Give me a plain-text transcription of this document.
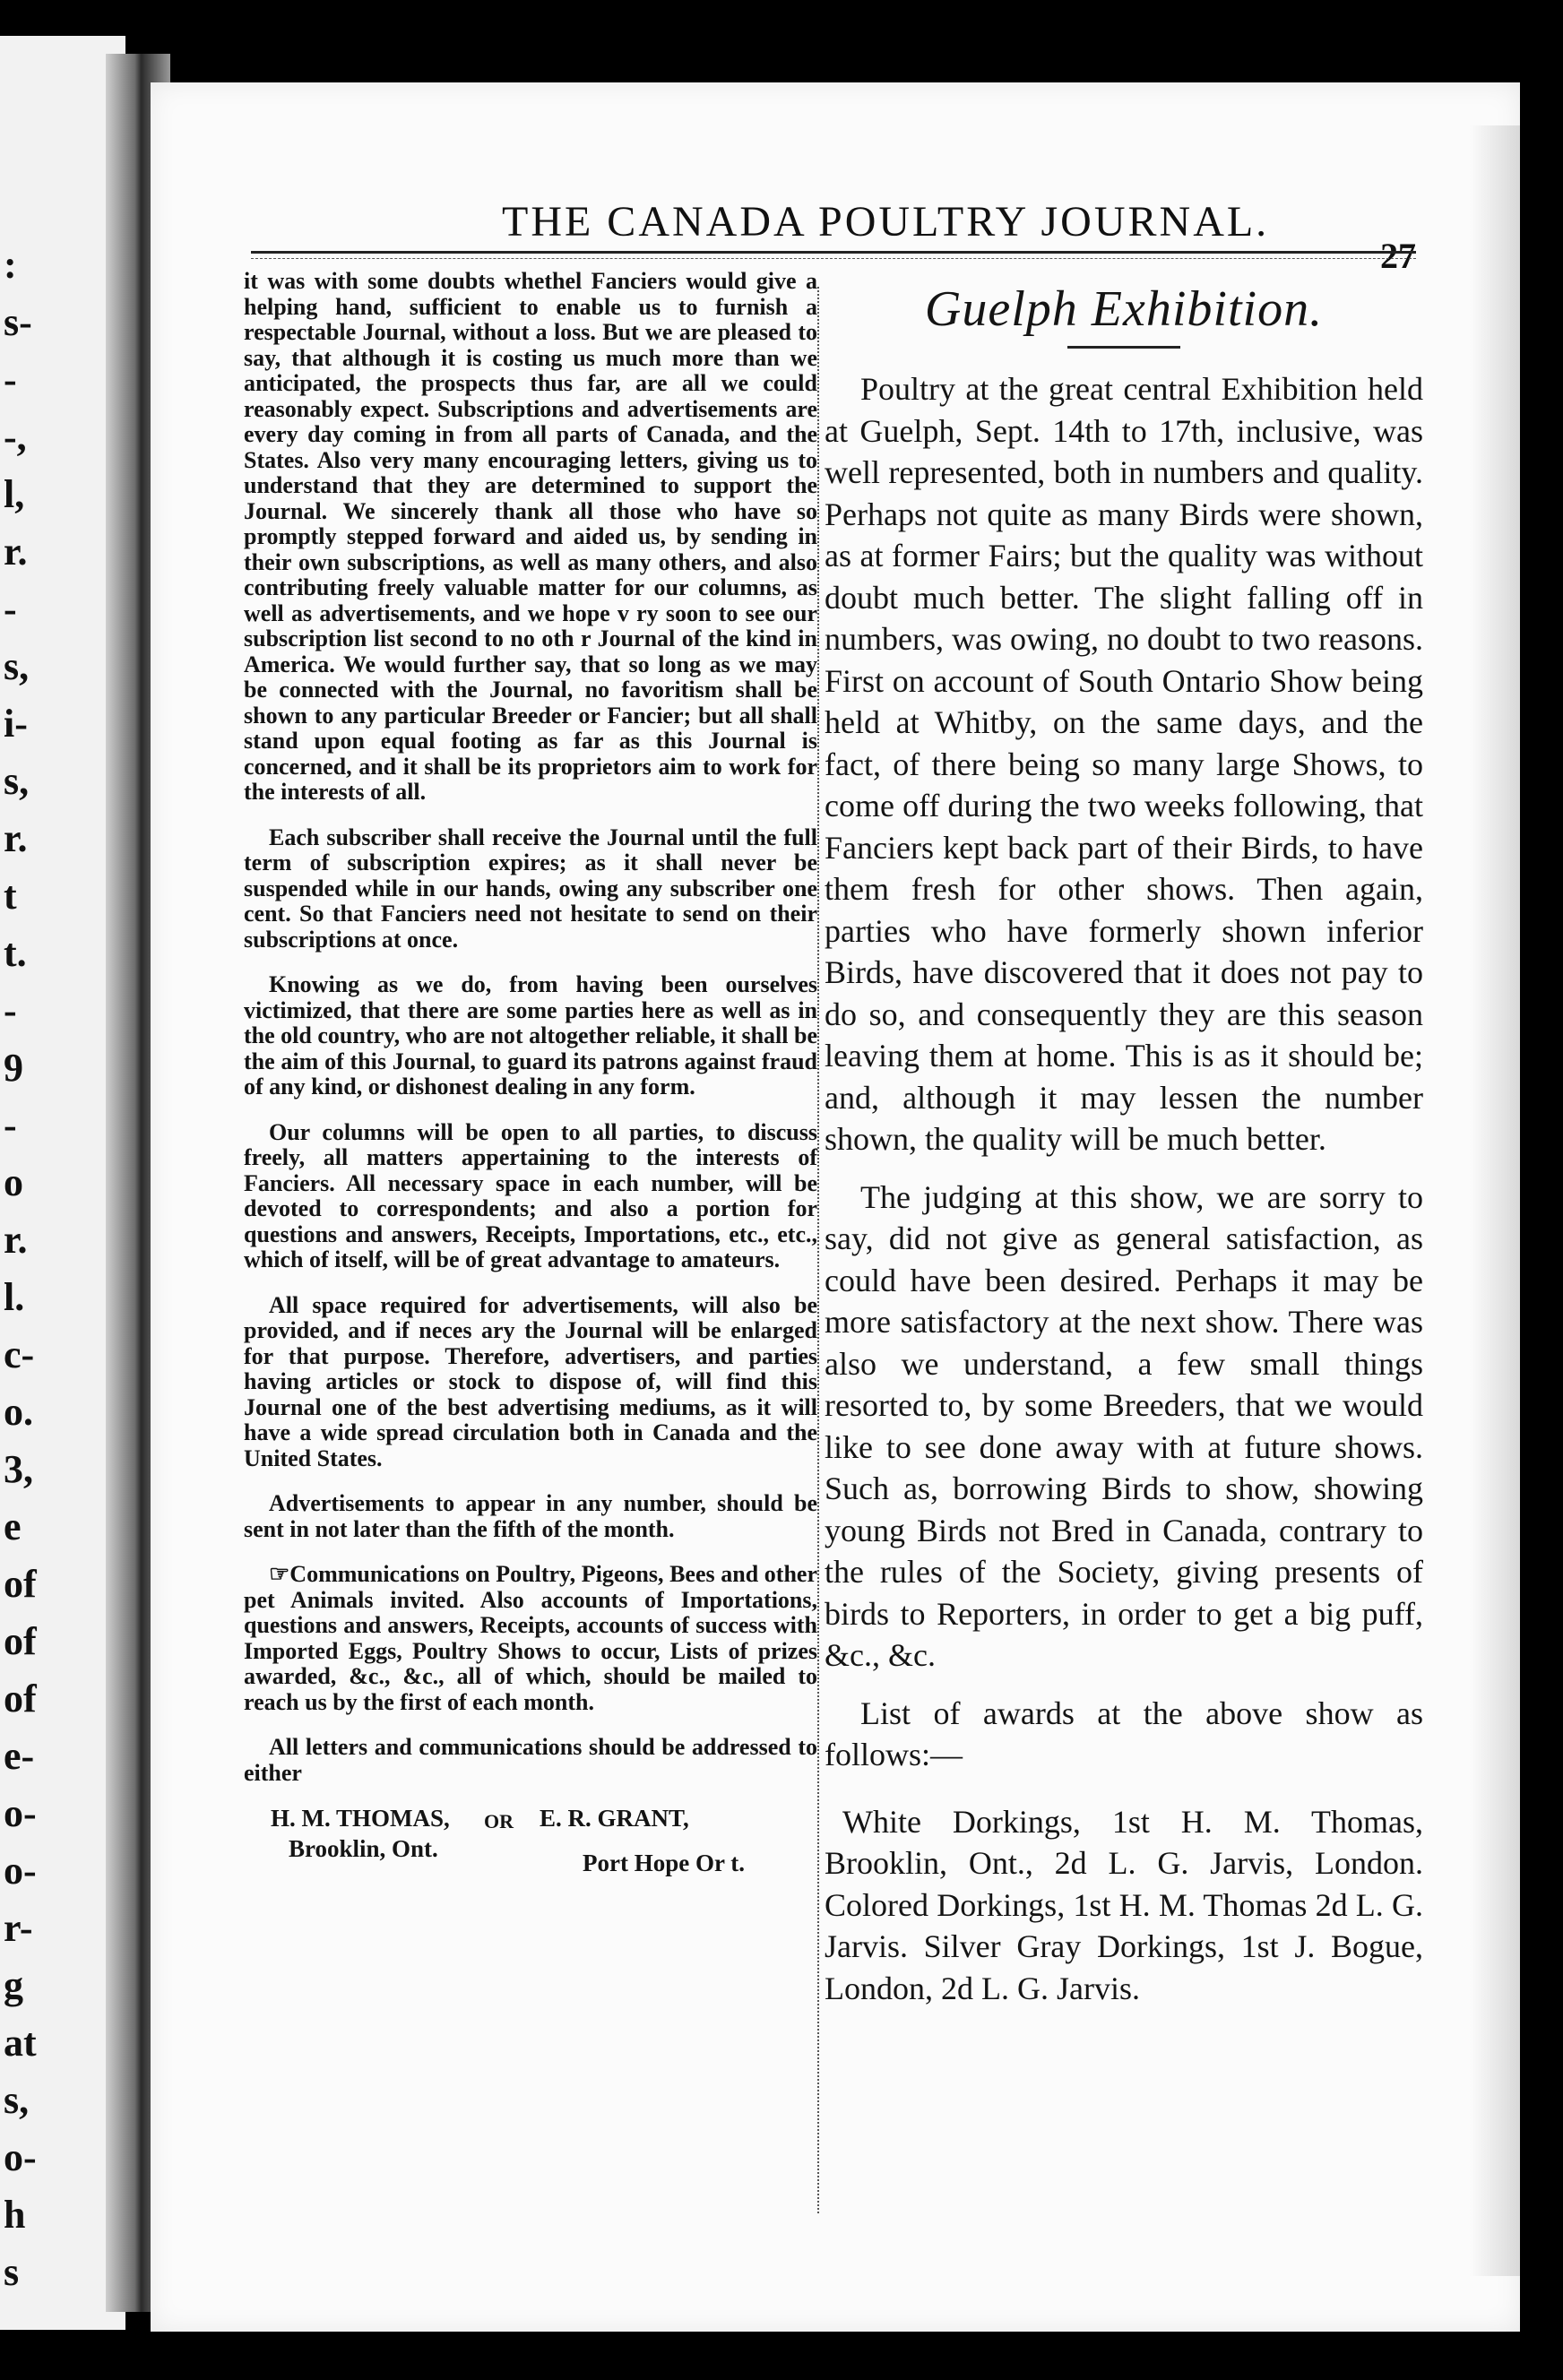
:
s-
-
-,
l,
r.
-
s,
i-
s,
r.
t
t.
-
9
-
o
r.
l.
c-
o.
3,
e
of
of
of
e-
o-
o-
r-
g
at
s,
o-
h
s
THE CANADA POULTRY JOURNAL.
27

it was with some doubts whethel Fanciers would give a helping hand, sufficient to enable us to furnish a respectable Journal, without a loss. But we are pleased to say, that although it is costing us much more than we anticipated, the prospects thus far, are all we could reasonably expect. Subscriptions and advertisements are every day coming in from all parts of Canada, and the States. Also very many encouraging letters, giving us to understand that they are determined to support the Journal. We sincerely thank all those who have so promptly stepped forward and aided us, by sending in their own subscriptions, as well as many others, and also contributing freely valuable matter for our columns, as well as advertisements, and we hope v ry soon to see our subscription list second to no oth r Journal of the kind in America. We would further say, that so long as we may be connected with the Journal, no favoritism shall be shown to any particular Breeder or Fancier; but all shall stand upon equal footing as far as this Journal is concerned, and it shall be its proprietors aim to work for the interests of all.

Each subscriber shall receive the Journal until the full term of subscription expires; as it shall never be suspended while in our hands, owing any subscriber one cent. So that Fanciers need not hesitate to send on their subscriptions at once.

Knowing as we do, from having been ourselves victimized, that there are some parties here as well as in the old country, who are not altogether reliable, it shall be the aim of this Journal, to guard its patrons against fraud of any kind, or dishonest dealing in any form.

Our columns will be open to all parties, to discuss freely, all matters appertaining to the interests of Fanciers. All necessary space in each number, will be devoted to correspondents; and also a portion for questions and answers, Receipts, Importations, etc., etc., which of itself, will be of great advantage to amateurs.

All space required for advertisements, will also be provided, and if neces ary the Journal will be enlarged for that purpose. Therefore, advertisers, and parties having articles or stock to dispose of, will find this Journal one of the best advertising mediums, as it will have a wide spread circulation both in Canada and the United States.

Advertisements to appear in any number, should be sent in not later than the fifth of the month.

☞Communications on Poultry, Pigeons, Bees and other pet Animals invited. Also accounts of Importations, questions and answers, Receipts, accounts of success with Imported Eggs, Poultry Shows to occur, Lists of prizes awarded, &c., &c., all of which, should be mailed to reach us by the first of each month.

All letters and communications should be addressed to either

H. M. THOMAS,
Brooklin, Ont.
OR E. R. GRANT,
Port Hope Or t.
Guelph Exhibition.

Poultry at the great central Exhibition held at Guelph, Sept. 14th to 17th, inclusive, was well represented, both in numbers and quality. Perhaps not quite as many Birds were shown, as at former Fairs; but the quality was without doubt much better. The slight falling off in numbers, was owing, no doubt to two reasons. First on account of South Ontario Show being held at Whitby, on the same days, and the fact, of there being so many large Shows, to come off during the two weeks following, that Fanciers kept back part of their Birds, to have them fresh for other shows. Then again, parties who have formerly shown inferior Birds, have discovered that it does not pay to do so, and consequently they are this season leaving them at home. This is as it should be; and, although it may lessen the number shown, the quality will be much better.

The judging at this show, we are sorry to say, did not give as general satisfaction, as could have been desired. Perhaps it may be more satisfactory at the next show. There was also we understand, a few small things resorted to, by some Breeders, that we would like to see done away with at future shows. Such as, borrowing Birds to show, showing young Birds not Bred in Canada, contrary to the rules of the Society, giving presents of birds to Reporters, in order to get a big puff, &c., &c.

List of awards at the above show as follows:—

White Dorkings, 1st H. M. Thomas, Brooklin, Ont., 2d L. G. Jarvis, London. Colored Dorkings, 1st H. M. Thomas 2d L. G. Jarvis. Silver Gray Dorkings, 1st J. Bogue, London, 2d L. G. Jarvis.
